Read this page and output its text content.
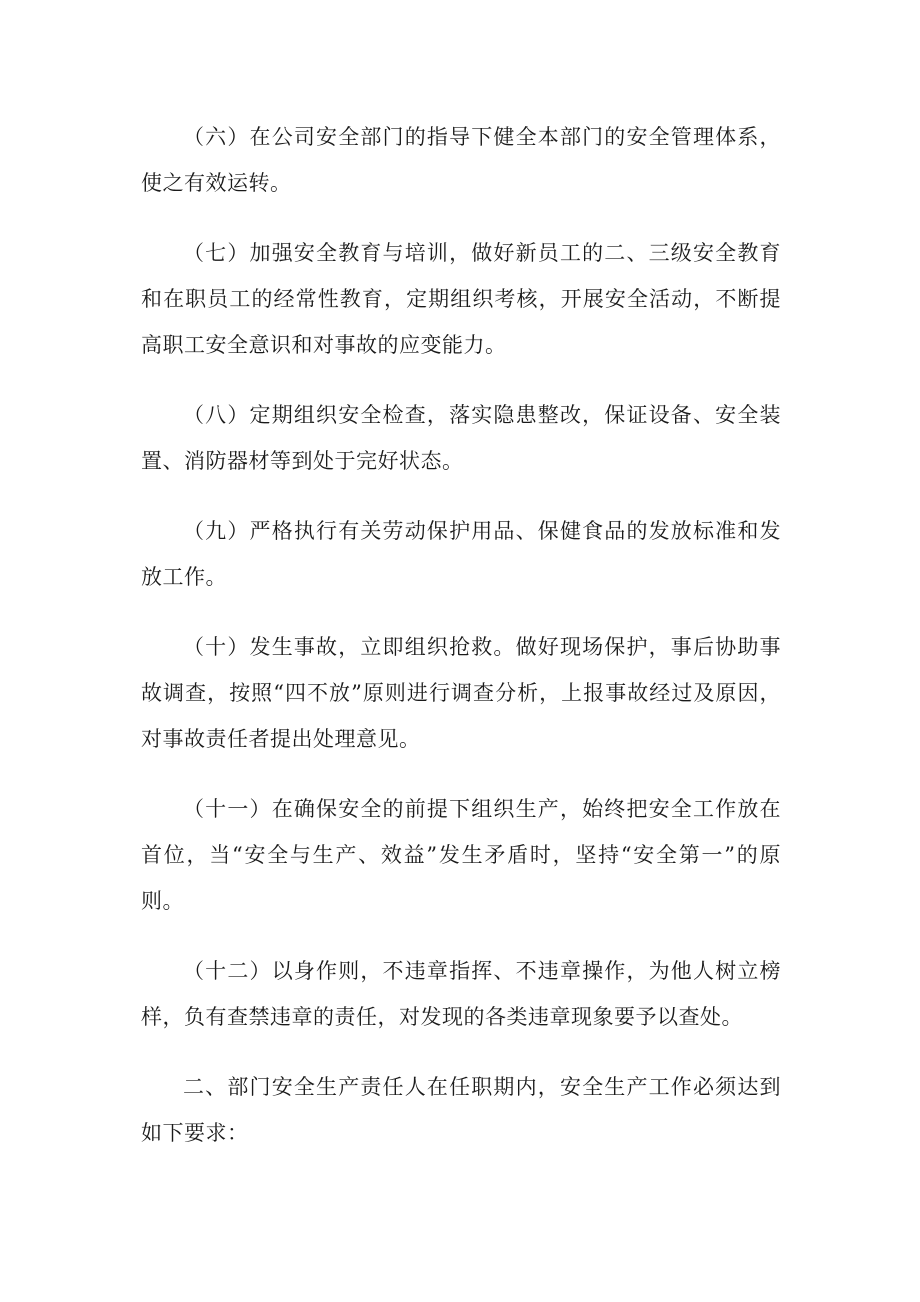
（六）在公司安全部门的指导下健全本部门的安全管理体系，使之有效运转。

（七）加强安全教育与培训，做好新员工的二、三级安全教育和在职员工的经常性教育，定期组织考核，开展安全活动，不断提高职工安全意识和对事故的应变能力。

（八）定期组织安全检查，落实隐患整改，保证设备、安全装置、消防器材等到处于完好状态。

（九）严格执行有关劳动保护用品、保健食品的发放标准和发放工作。

（十）发生事故，立即组织抢救。做好现场保护，事后协助事故调查，按照“四不放”原则进行调查分析，上报事故经过及原因，对事故责任者提出处理意见。

（十一）在确保安全的前提下组织生产，始终把安全工作放在首位，当“安全与生产、效益”发生矛盾时，坚持“安全第一”的原则。

（十二）以身作则，不违章指挥、不违章操作，为他人树立榜样，负有查禁违章的责任，对发现的各类违章现象要予以查处。

二、部门安全生产责任人在任职期内，安全生产工作必须达到如下要求：
